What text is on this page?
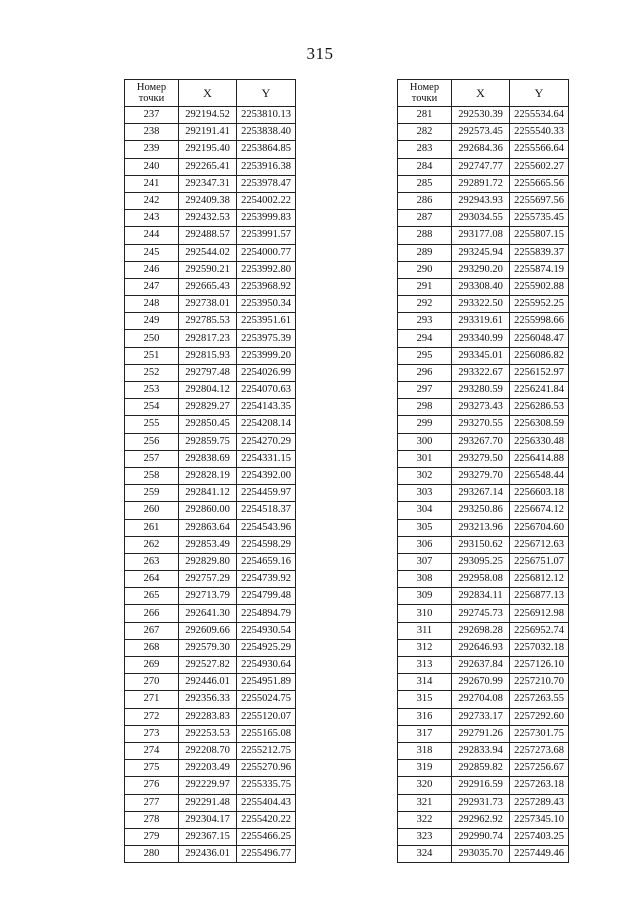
315
Номер
точки	X	Y
237	292194.52	2253810.13
238	292191.41	2253838.40
239	292195.40	2253864.85
240	292265.41	2253916.38
241	292347.31	2253978.47
242	292409.38	2254002.22
243	292432.53	2253999.83
244	292488.57	2253991.57
245	292544.02	2254000.77
246	292590.21	2253992.80
247	292665.43	2253968.92
248	292738.01	2253950.34
249	292785.53	2253951.61
250	292817.23	2253975.39
251	292815.93	2253999.20
252	292797.48	2254026.99
253	292804.12	2254070.63
254	292829.27	2254143.35
255	292850.45	2254208.14
256	292859.75	2254270.29
257	292838.69	2254331.15
258	292828.19	2254392.00
259	292841.12	2254459.97
260	292860.00	2254518.37
261	292863.64	2254543.96
262	292853.49	2254598.29
263	292829.80	2254659.16
264	292757.29	2254739.92
265	292713.79	2254799.48
266	292641.30	2254894.79
267	292609.66	2254930.54
268	292579.30	2254925.29
269	292527.82	2254930.64
270	292446.01	2254951.89
271	292356.33	2255024.75
272	292283.83	2255120.07
273	292253.53	2255165.08
274	292208.70	2255212.75
275	292203.49	2255270.96
276	292229.97	2255335.75
277	292291.48	2255404.43
278	292304.17	2255420.22
279	292367.15	2255466.25
280	292436.01	2255496.77
Номер
точки	X	Y
281	292530.39	2255534.64
282	292573.45	2255540.33
283	292684.36	2255566.64
284	292747.77	2255602.27
285	292891.72	2255665.56
286	292943.93	2255697.56
287	293034.55	2255735.45
288	293177.08	2255807.15
289	293245.94	2255839.37
290	293290.20	2255874.19
291	293308.40	2255902.88
292	293322.50	2255952.25
293	293319.61	2255998.66
294	293340.99	2256048.47
295	293345.01	2256086.82
296	293322.67	2256152.97
297	293280.59	2256241.84
298	293273.43	2256286.53
299	293270.55	2256308.59
300	293267.70	2256330.48
301	293279.50	2256414.88
302	293279.70	2256548.44
303	293267.14	2256603.18
304	293250.86	2256674.12
305	293213.96	2256704.60
306	293150.62	2256712.63
307	293095.25	2256751.07
308	292958.08	2256812.12
309	292834.11	2256877.13
310	292745.73	2256912.98
311	292698.28	2256952.74
312	292646.93	2257032.18
313	292637.84	2257126.10
314	292670.99	2257210.70
315	292704.08	2257263.55
316	292733.17	2257292.60
317	292791.26	2257301.75
318	292833.94	2257273.68
319	292859.82	2257256.67
320	292916.59	2257263.18
321	292931.73	2257289.43
322	292962.92	2257345.10
323	292990.74	2257403.25
324	293035.70	2257449.46
